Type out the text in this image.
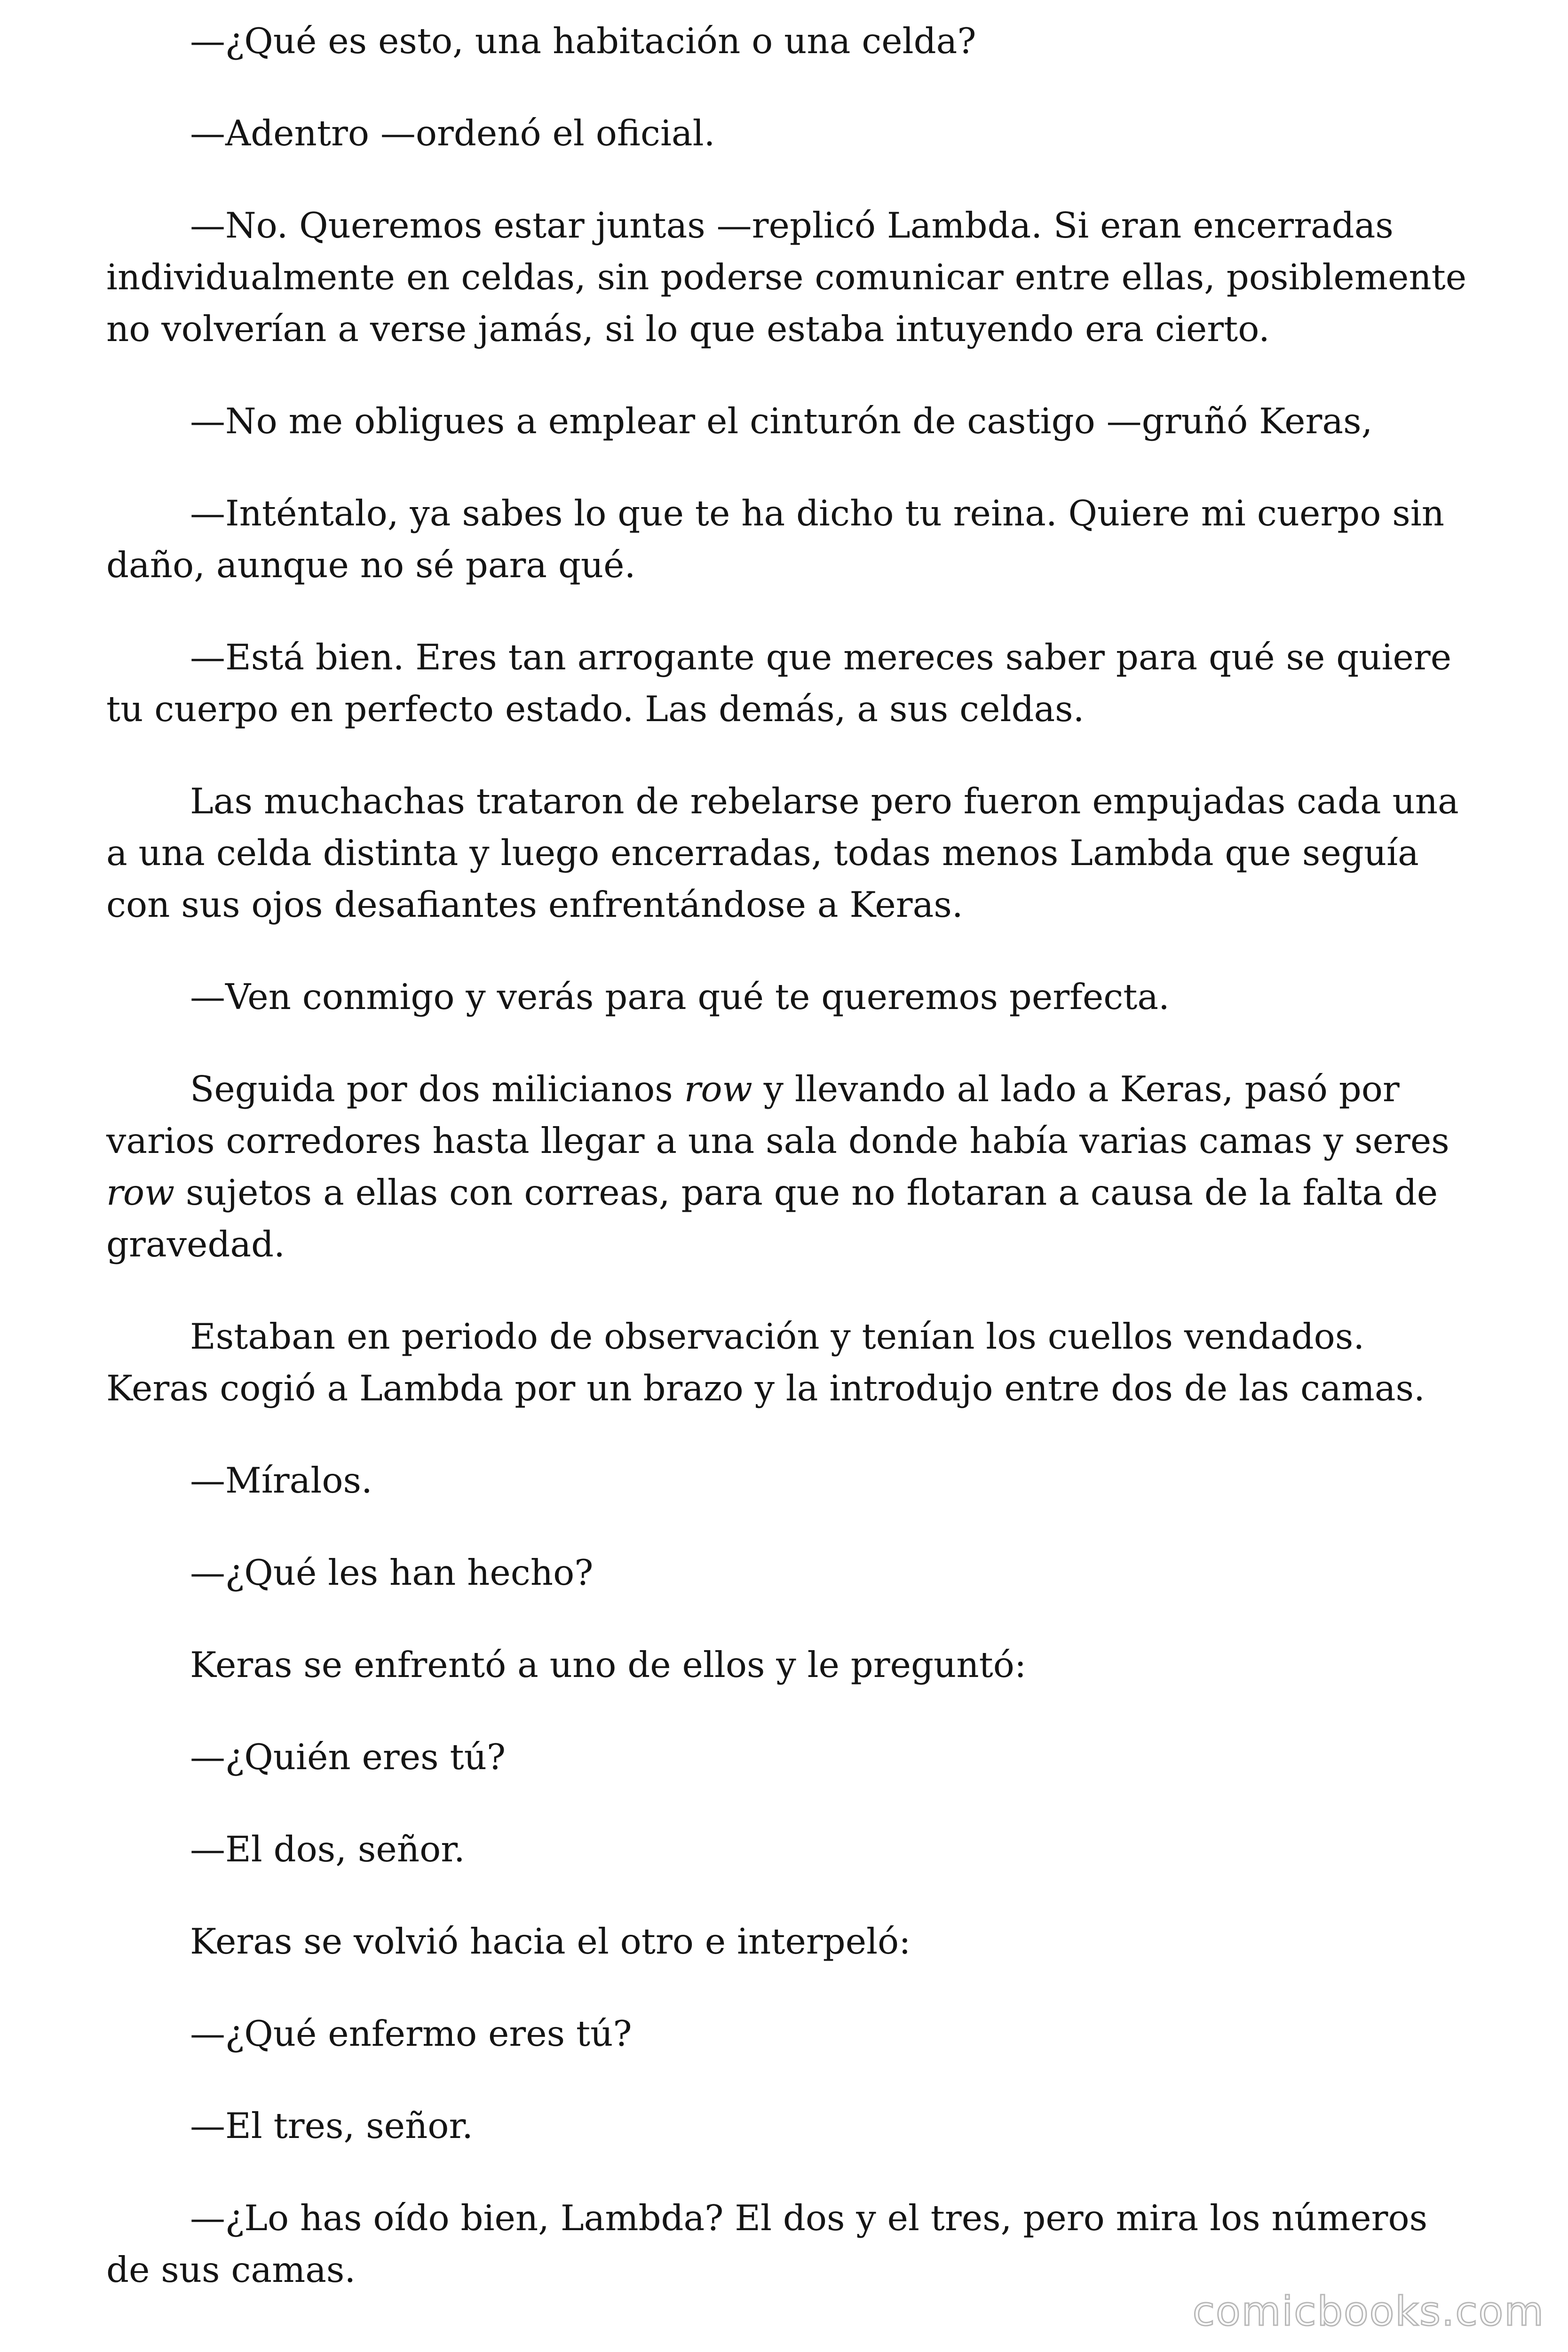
—¿Qué es esto, una habitación o una celda?

—Adentro —ordenó el oficial.

—No. Queremos estar juntas —replicó Lambda. Si eran encerradas individualmente en celdas, sin poderse comunicar entre ellas, posiblemente no volverían a verse jamás, si lo que estaba intuyendo era cierto.

—No me obligues a emplear el cinturón de castigo —gruñó Keras,

—Inténtalo, ya sabes lo que te ha dicho tu reina. Quiere mi cuerpo sin daño, aunque no sé para qué.

—Está bien. Eres tan arrogante que mereces saber para qué se quiere tu cuerpo en perfecto estado. Las demás, a sus celdas.

Las muchachas trataron de rebelarse pero fueron empujadas cada una a una celda distinta y luego encerradas, todas menos Lambda que seguía con sus ojos desafiantes enfrentándose a Keras.

—Ven conmigo y verás para qué te queremos perfecta.

Seguida por dos milicianos row y llevando al lado a Keras, pasó por varios corredores hasta llegar a una sala donde había varias camas y seres row sujetos a ellas con correas, para que no flotaran a causa de la falta de gravedad.

Estaban en periodo de observación y tenían los cuellos vendados. Keras cogió a Lambda por un brazo y la introdujo entre dos de las camas.

—Míralos.

—¿Qué les han hecho?

Keras se enfrentó a uno de ellos y le preguntó:

—¿Quién eres tú?

—El dos, señor.

Keras se volvió hacia el otro e interpeló:

—¿Qué enfermo eres tú?

—El tres, señor.

—¿Lo has oído bien, Lambda? El dos y el tres, pero mira los números de sus camas.

comicbooks.com
